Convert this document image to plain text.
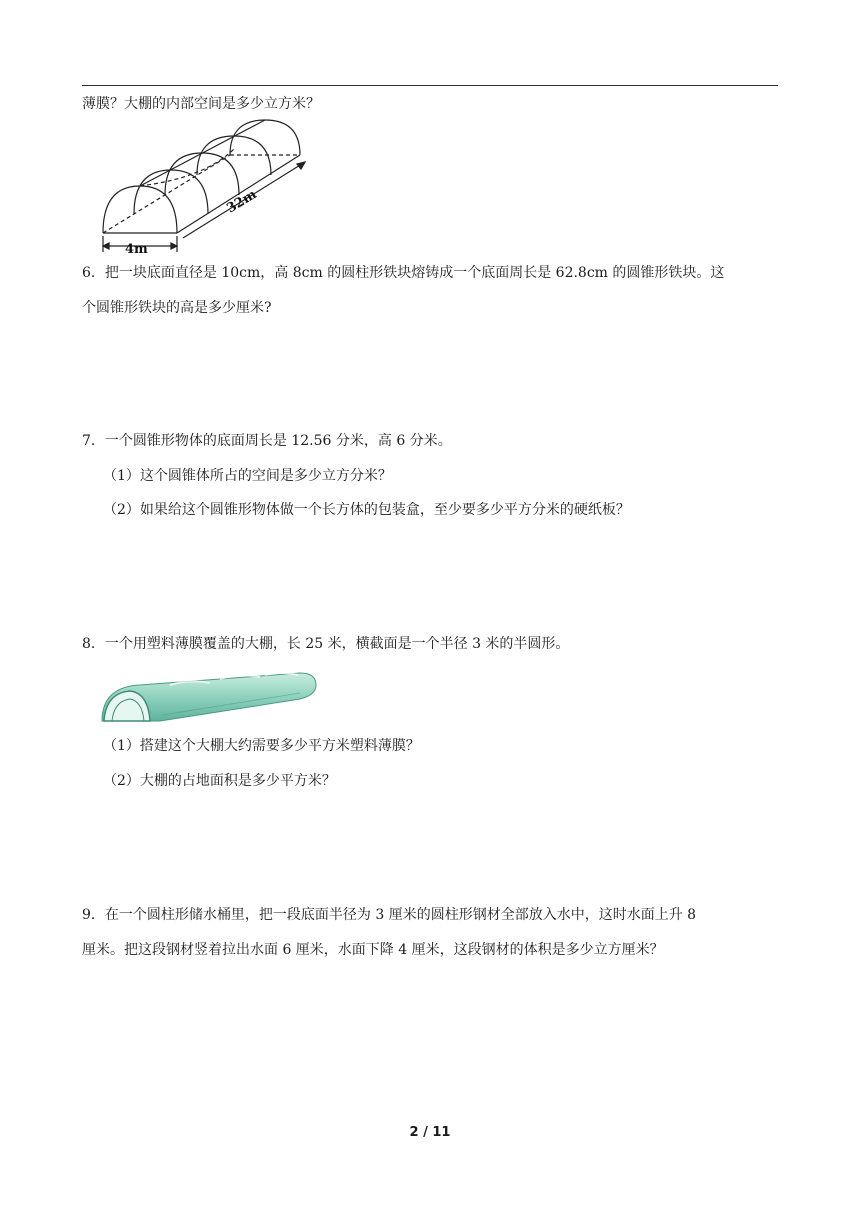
薄膜？大棚的内部空间是多少立方米？
4m
32m
6．把一块底面直径是 10cm，高 8cm 的圆柱形铁块熔铸成一个底面周长是 62.8cm 的圆锥形铁块。这
个圆锥形铁块的高是多少厘米?
7．一个圆锥形物体的底面周长是 12.56 分米，高 6 分米。
（1）这个圆锥体所占的空间是多少立方分米？
（2）如果给这个圆锥形物体做一个长方体的包装盒，至少要多少平方分米的硬纸板？
8．一个用塑料薄膜覆盖的大棚，长 25 米，横截面是一个半径 3 米的半圆形。
（1）搭建这个大棚大约需要多少平方米塑料薄膜？
（2）大棚的占地面积是多少平方米？
9．在一个圆柱形储水桶里，把一段底面半径为 3 厘米的圆柱形钢材全部放入水中，这时水面上升 8
厘米。把这段钢材竖着拉出水面 6 厘米，水面下降 4 厘米，这段钢材的体积是多少立方厘米？
2 / 11
